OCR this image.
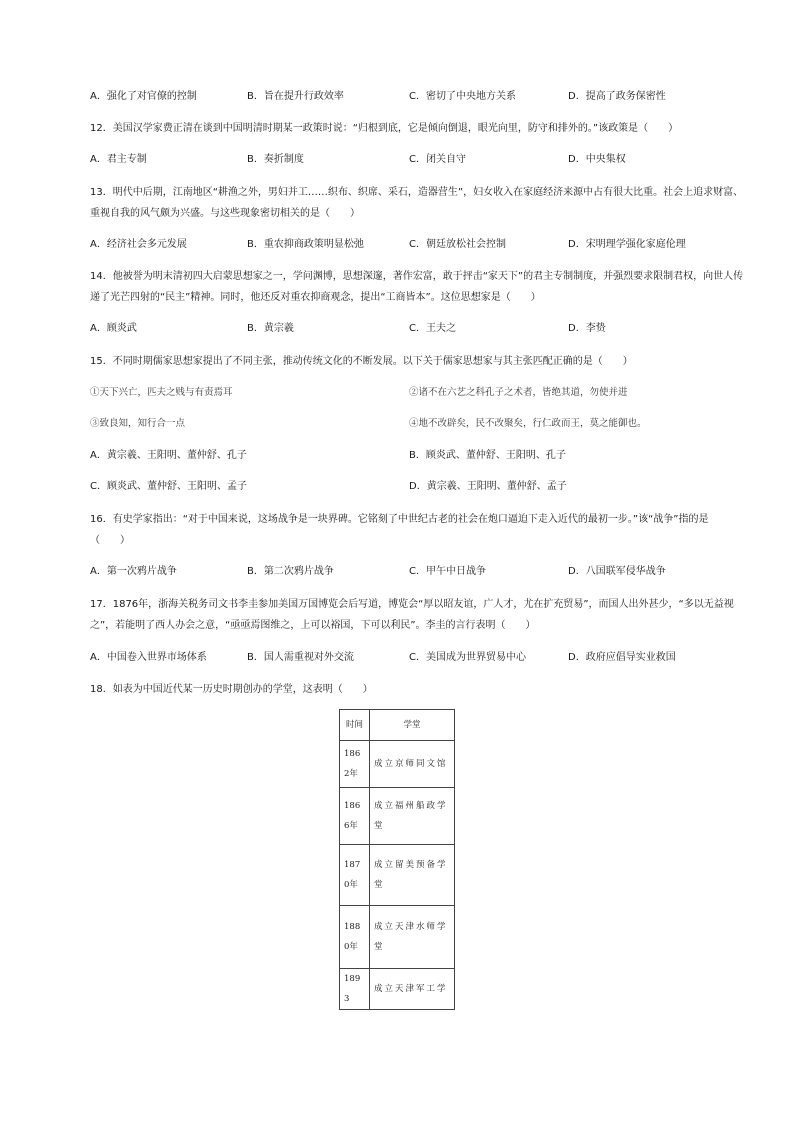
A．强化了对官僚的控制	B．旨在提升行政效率	C．密切了中央地方关系	D．提高了政务保密性
12．美国汉学家费正清在谈到中国明清时期某一政策时说：“归根到底，它是倾向倒退，眼光向里，防守和排外的。”该政策是（　　）
A．君主专制	B．奏折制度	C．闭关自守	D．中央集权
13．明代中后期，江南地区“耕渔之外，男妇并工……织布、织席、采石，造器营生”，妇女收入在家庭经济来源中占有很大比重。社会上追求财富、
重视自我的风气颇为兴盛。与这些现象密切相关的是（　　）
A．经济社会多元发展	B．重农抑商政策明显松弛	C．朝廷放松社会控制	D．宋明理学强化家庭伦理
14．他被誉为明末清初四大启蒙思想家之一，学问渊博，思想深邃，著作宏富，敢于抨击“家天下”的君主专制制度，并强烈要求限制君权，向世人传
递了光芒四射的“民主”精神。同时，他还反对重农抑商观念，提出“工商皆本”。这位思想家是（　　）
A．顾炎武	B．黄宗羲	C．王夫之	D．李贽
15．不同时期儒家思想家提出了不同主张，推动传统文化的不断发展。以下关于儒家思想家与其主张匹配正确的是（　　）
①天下兴亡，匹夫之贱与有责焉耳	②诸不在六艺之科孔子之术者，皆绝其道，勿使并进
③致良知，知行合一点	④地不改辟矣，民不改聚矣，行仁政而王，莫之能御也。
A．黄宗羲、王阳明、董仲舒、孔子	B．顾炎武、董仲舒、王阳明、孔子
C．顾炎武、董仲舒、王阳明、孟子	D．黄宗羲、王阳明、董仲舒、孟子
16．有史学家指出：“对于中国来说，这场战争是一块界碑。它铭刻了中世纪古老的社会在炮口逼迫下走入近代的最初一步。”该“战争”指的是
（　　）
A．第一次鸦片战争	B．第二次鸦片战争	C．甲午中日战争	D．八国联军侵华战争
17．1876年，浙海关税务司文书李圭参加美国万国博览会后写道，博览会“厚以昭友谊，广人才，尤在扩充贸易”，而国人出外甚少，“多以无益视
之”，若能明了西人办会之意，“亟亟焉图维之，上可以裕国，下可以利民”。李圭的言行表明（　　）
A．中国卷入世界市场体系	B．国人需重视对外交流	C．美国成为世界贸易中心	D．政府应倡导实业救国
18．如表为中国近代某一历史时期创办的学堂，这表明（　　）
时间	学堂
1862年	成立京师同文馆
1866年	成立福州船政学堂
1870年	成立留美预备学堂
1880年	成立天津水师学堂
1893	成立天津军工学
